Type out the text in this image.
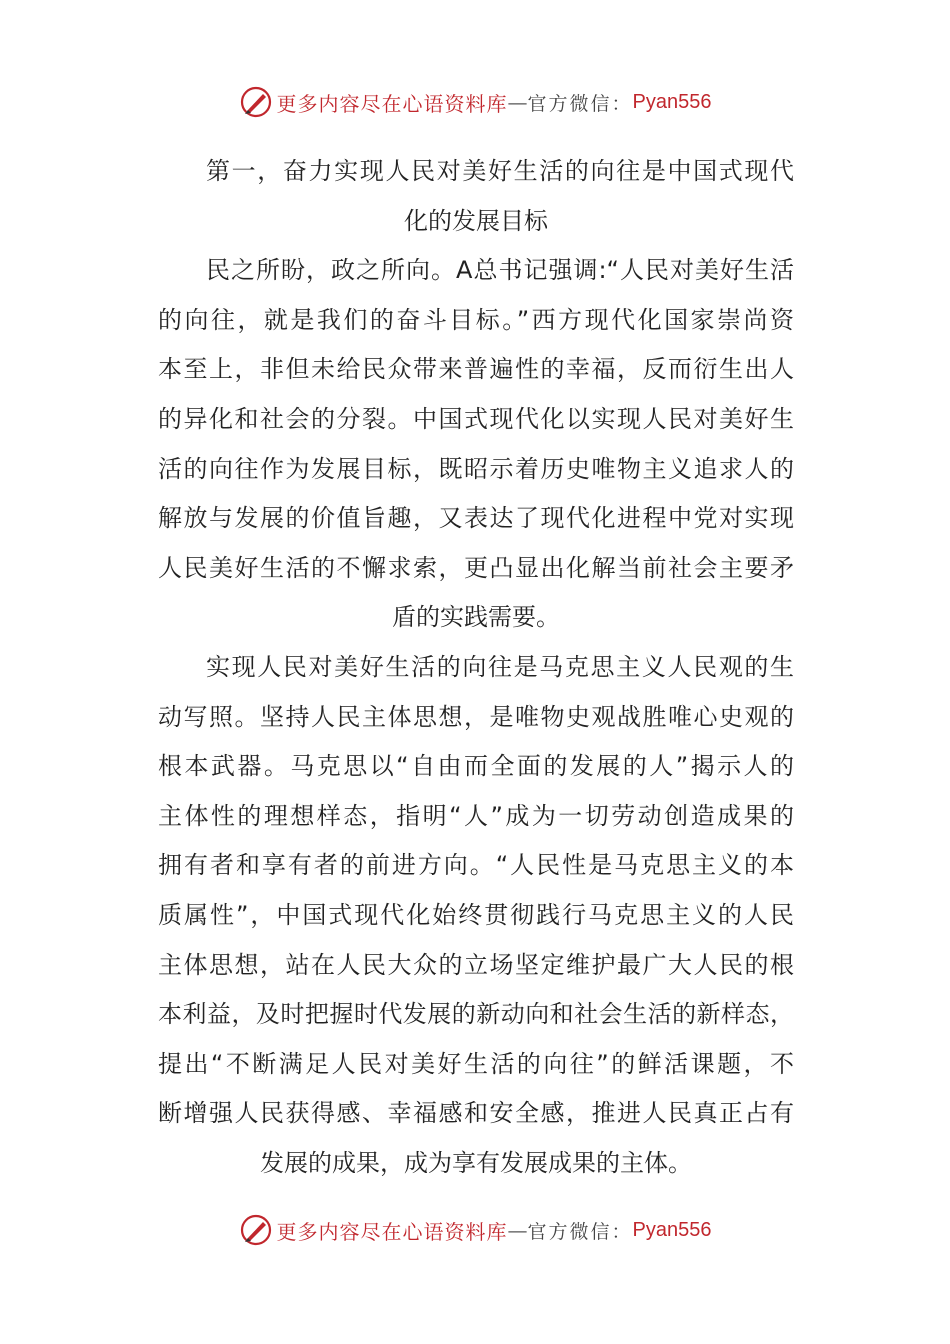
更多内容尽在心语资料库 — 官方微信： Pyan556
第一，奋力实现人民对美好生活的向往是中国式现代
化的发展目标
民之所盼，政之所向。A总书记强调:“人民对美好生活
的向往，就是我们的奋斗目标。”西方现代化国家崇尚资
本至上，非但未给民众带来普遍性的幸福，反而衍生出人
的异化和社会的分裂。中国式现代化以实现人民对美好生
活的向往作为发展目标，既昭示着历史唯物主义追求人的
解放与发展的价值旨趣，又表达了现代化进程中党对实现
人民美好生活的不懈求索，更凸显出化解当前社会主要矛
盾的实践需要。
实现人民对美好生活的向往是马克思主义人民观的生
动写照。坚持人民主体思想，是唯物史观战胜唯心史观的
根本武器。马克思以“自由而全面的发展的人”揭示人的
主体性的理想样态，指明“人”成为一切劳动创造成果的
拥有者和享有者的前进方向。“人民性是马克思主义的本
质属性”，中国式现代化始终贯彻践行马克思主义的人民
主体思想，站在人民大众的立场坚定维护最广大人民的根
本利益，及时把握时代发展的新动向和社会生活的新样态，
提出“不断满足人民对美好生活的向往”的鲜活课题，不
断增强人民获得感、幸福感和安全感，推进人民真正占有
发展的成果，成为享有发展成果的主体。
更多内容尽在心语资料库 — 官方微信： Pyan556
